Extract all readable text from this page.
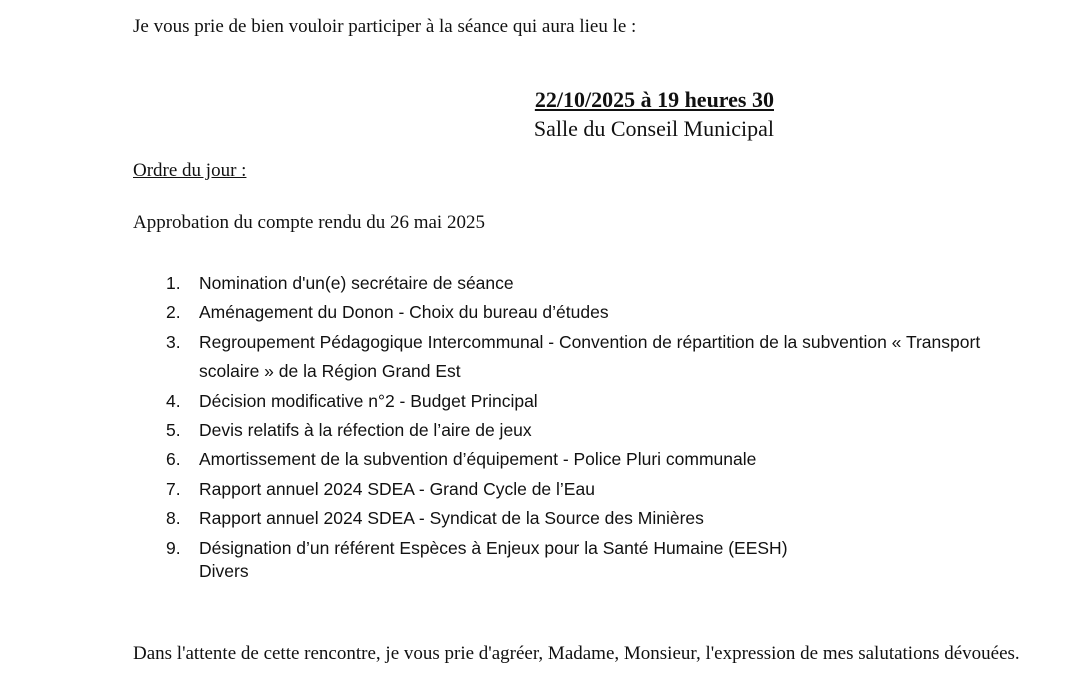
Je vous prie de bien vouloir participer à la séance qui aura lieu le :

22/10/2025 à 19 heures 30

Salle du Conseil Municipal

Ordre du jour :

Approbation du compte rendu du 26 mai 2025

1.	Nomination d'un(e) secrétaire de séance
2.	Aménagement du Donon - Choix du bureau d’études
3.	Regroupement Pédagogique Intercommunal - Convention de répartition de la subvention « Transport scolaire » de la Région Grand Est
4.	Décision modificative n°2 - Budget Principal
5.	Devis relatifs à la réfection de l’aire de jeux
6.	Amortissement de la subvention d’équipement - Police Pluri communale
7.	Rapport annuel 2024 SDEA - Grand Cycle de l’Eau
8.	Rapport annuel 2024 SDEA - Syndicat de la Source des Minières
9.	Désignation d’un référent Espèces à Enjeux pour la Santé Humaine (EESH)

Divers

Dans l'attente de cette rencontre, je vous prie d'agréer, Madame, Monsieur, l'expression de mes salutations dévouées.
